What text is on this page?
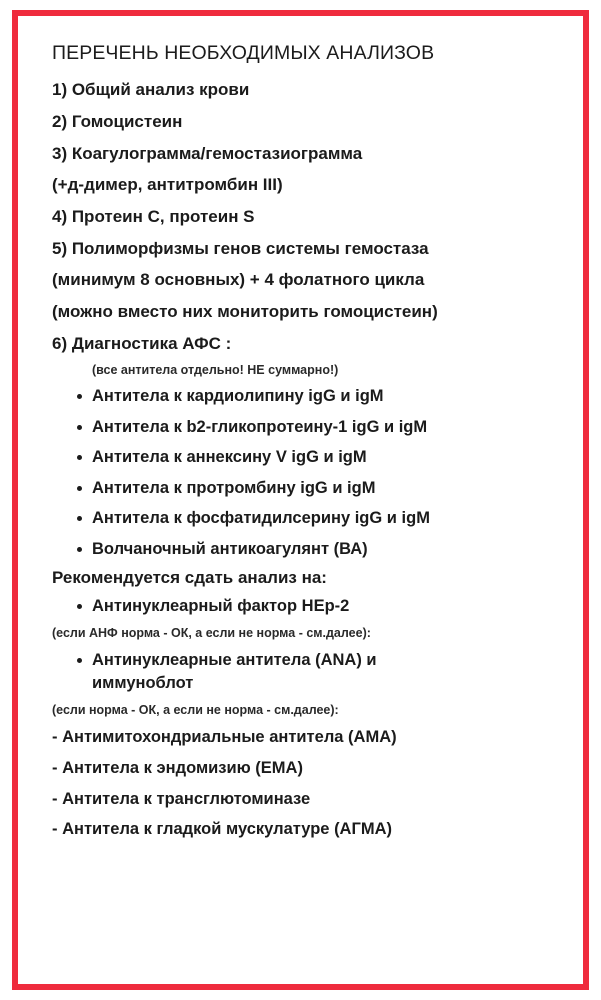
ПЕРЕЧЕНЬ НЕОБХОДИМЫХ АНАЛИЗОВ

1) Общий анализ крови

2) Гомоцистеин

3) Коагулограмма/гемостазиограмма

(+д-димер, антитромбин III)

4) Протеин C, протеин S

5) Полиморфизмы генов системы гемостаза

(минимум 8 основных) + 4 фолатного цикла

(можно вместо них мониторить гомоцистеин)

6) Диагностика АФС :

(все антитела отдельно! НЕ суммарно!)

Антитела к кардиолипину igG и igM
Антитела к b2-гликопротеину-1 igG и igM
Антитела к аннексину V igG и igM
Антитела к протромбину igG и igM
Антитела к фосфатидилсерину igG и igM
Волчаночный антикоагулянт (ВА)

Рекомендуется сдать анализ на:

Антинуклеарный фактор HEp-2

(если АНФ норма - ОК, а если не норма - см.далее):

Антинуклеарные антитела (ANA) и
иммуноблот

(если норма - ОК, а если не норма - см.далее):

- Антимитохондриальные антитела (АМА)

- Антитела к эндомизию (ЕМА)

- Антитела к трансглютоминазе

- Антитела к гладкой мускулатуре (АГМА)
